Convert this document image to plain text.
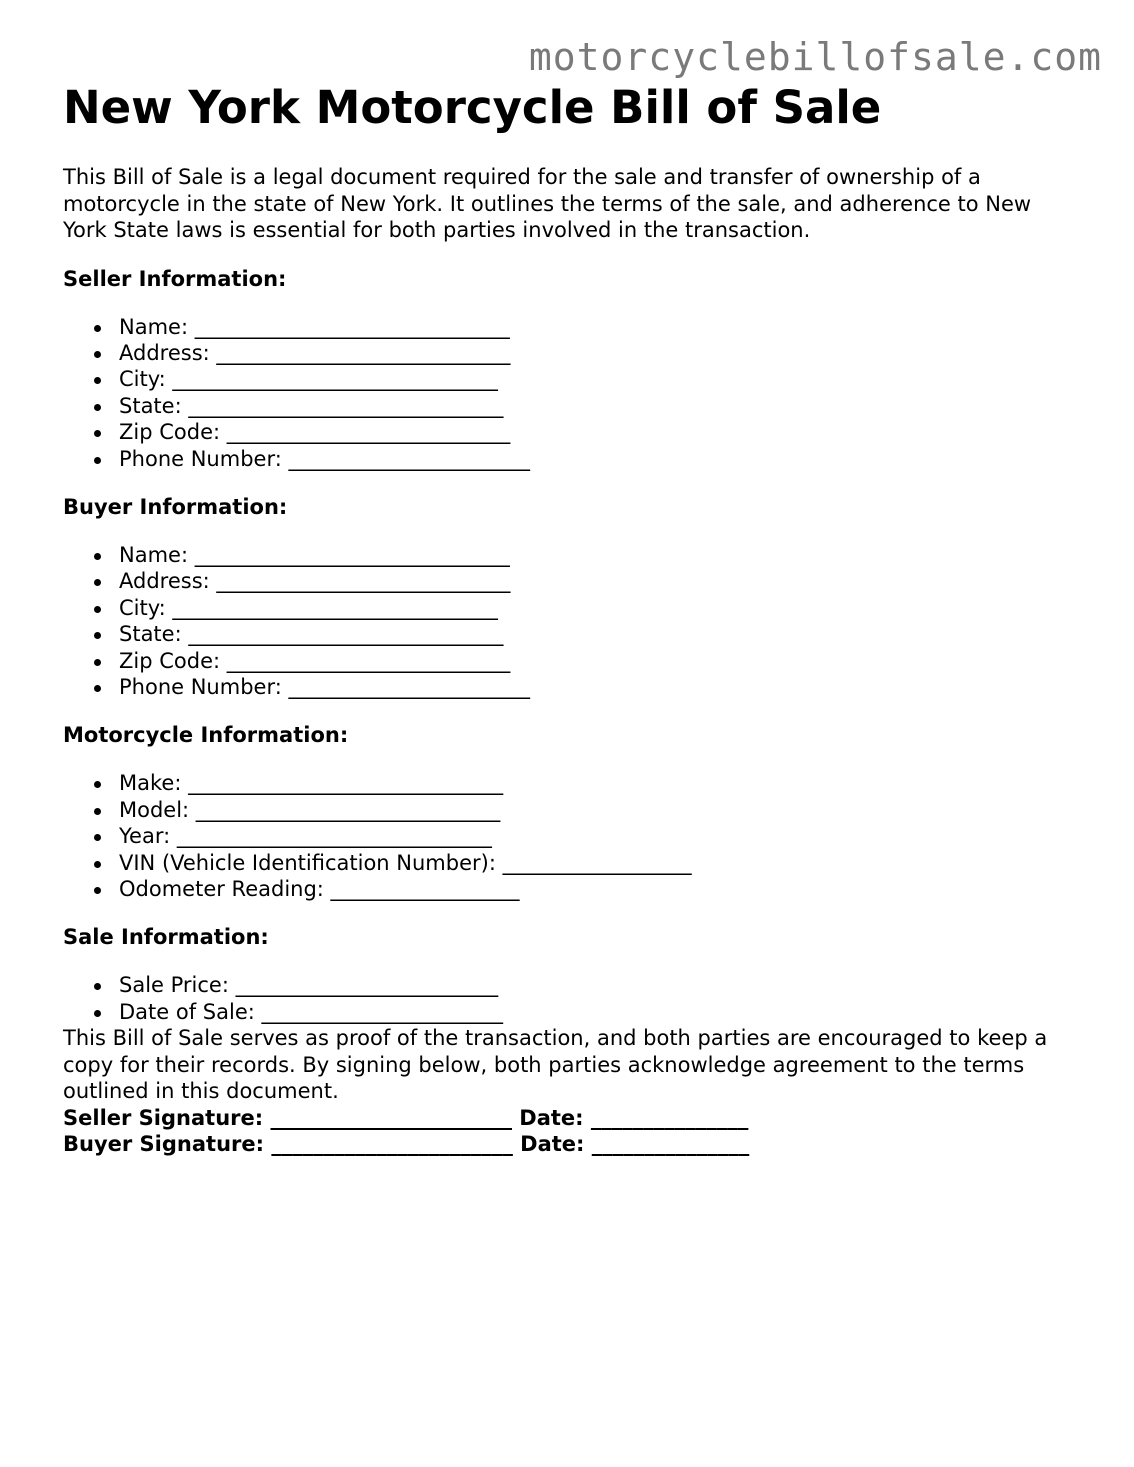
motorcyclebillofsale.com
New York Motorcycle Bill of Sale

This Bill of Sale is a legal document required for the sale and transfer of ownership of a motorcycle in the state of New York. It outlines the terms of the sale, and adherence to New York State laws is essential for both parties involved in the transaction.

Seller Information:
Name: ______________________________
Address: ____________________________
City: _______________________________
State: ______________________________
Zip Code: ___________________________
Phone Number: _______________________
Buyer Information:
Name: ______________________________
Address: ____________________________
City: _______________________________
State: ______________________________
Zip Code: ___________________________
Phone Number: _______________________
Motorcycle Information:
Make: ______________________________
Model: _____________________________
Year: ______________________________
VIN (Vehicle Identification Number): __________________
Odometer Reading: __________________
Sale Information:
Sale Price: _________________________
Date of Sale: _______________________

This Bill of Sale serves as proof of the transaction, and both parties are encouraged to keep a copy for their records. By signing below, both parties acknowledge agreement to the terms outlined in this document.

Seller Signature: _______________________ Date: _______________

Buyer Signature: _______________________ Date: _______________
